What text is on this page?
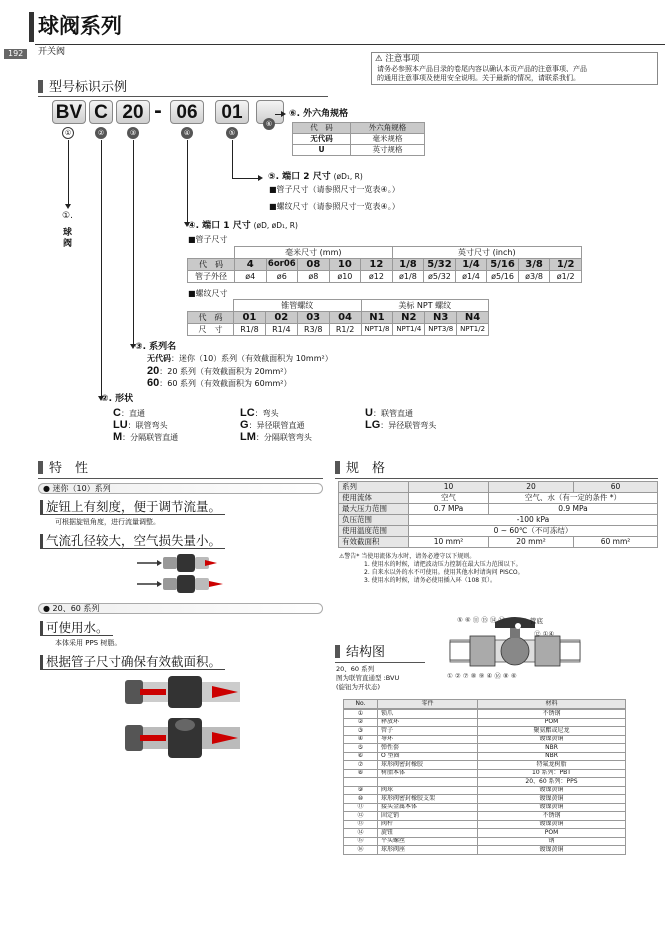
球阀系列
192	开关阀
⚠ 注意事项
请务必参照本产品目录的卷尾内容以确认本页产品的注意事项、产品
的通用注意事项及使用安全说明。关于最新的情况，请联系我们。
型号标识示例
BV C 20 - 06	01
①	②	③	④	⑤
⑥
⑥. 外六角规格
代　码	外六角规格
无代码	毫米规格
U	英寸规格
⑤. 端口 2 尺寸 (øD₁, R)
■管子尺寸（请参照尺寸一览表④。）
■螺纹尺寸（请参照尺寸一览表④。）
①.
球阀
④. 端口 1 尺寸 (øD, øD₁, R)
■管子尺寸
	毫米尺寸 (mm)					英寸尺寸 (inch)					
代　码	4	6or06	08	10	12	1/8	5/32	1/4	5/16	3/8	1/2
管子外径	ø4	ø6	ø8	ø10	ø12	ø1/8	ø5/32	ø1/4	ø5/16	ø3/8	ø1/2
■螺纹尺寸
	锥管螺纹				美标 NPT 螺纹			
代　码	01	02	03	04	N1	N2	N3	N4
尺　寸	R1/8	R1/4	R3/8	R1/2	NPT1/8	NPT1/4	NPT3/8	NPT1/2
③. 系列名
无代码：迷你（10）系列（有效截面积为 10mm²）
20：20 系列（有效截面积为 20mm²）
60：60 系列（有效截面积为 60mm²）
②. 形状
C：直通	LC：弯头	U：联管直通
LU：联管弯头	G：异径联管直通	LG：异径联管弯头
M：分隔联管直通	LM：分隔联管弯头
特　性
● 迷你（10）系列
旋钮上有刻度，便于调节流量。
可根据旋钮角度，进行流量调整。
气流孔径较大，空气损失量小。
● 20、60 系列
可使用水。
本体采用 PPS 树脂。
根据管子尺寸确保有效截面积。
规　格
系列	10	20	60
使用流体	空气	空气、水（有一定的条件 *）	
最大压力范围	0.7 MPa	0.9 MPa	
负压范围	-100 kPa		
使用温度范围	0 ~ 60℃（不可冻结）		
有效截面积	10 mm²	20 mm²	60 mm²
⚠警告* 当使用流体为水时，请务必遵守以下规则。
1. 使用水的时候，请把波动压力控制在最大压力范围以下。
2. 自来水以外的水不可使用。使用其他水时请询问 PISCO。
3. 使用水的时候，请务必使用插入环（108 页）。
结构图
20、60 系列
图为联管直通型 :BVU
(旋钮为开状态)
管底
⑤ ⑥ ⑪ ⑮ ⑭ ⑬
① ② ⑦ ⑧ ⑨ ④ ⑯ ⑧ ⑥
⑫ ①④
No.	零件	材料
①	锁爪	不锈钢
②	释放环	POM
③	管子	聚氨酯或尼龙
④	导环	镀镍黄铜
⑤	弹性套	NBR
⑥	O 型圈	NBR
⑦	球形阀密封橡胶	特氟龙树脂
⑧	树脂本体	10 系列：PBT
		20、60 系列：PPS
⑨	阀球	镀镍黄铜
⑩	球形阀密封橡胶支架	镀镍黄铜
⑪	接头金属本体	镀镍黄铜
⑫	固定销	不锈钢
⑬	阀杆	镀镍黄铜
⑭	旋钮	POM
⑮	平头螺丝	钢
⑯	球形阀座	镀镍黄铜
